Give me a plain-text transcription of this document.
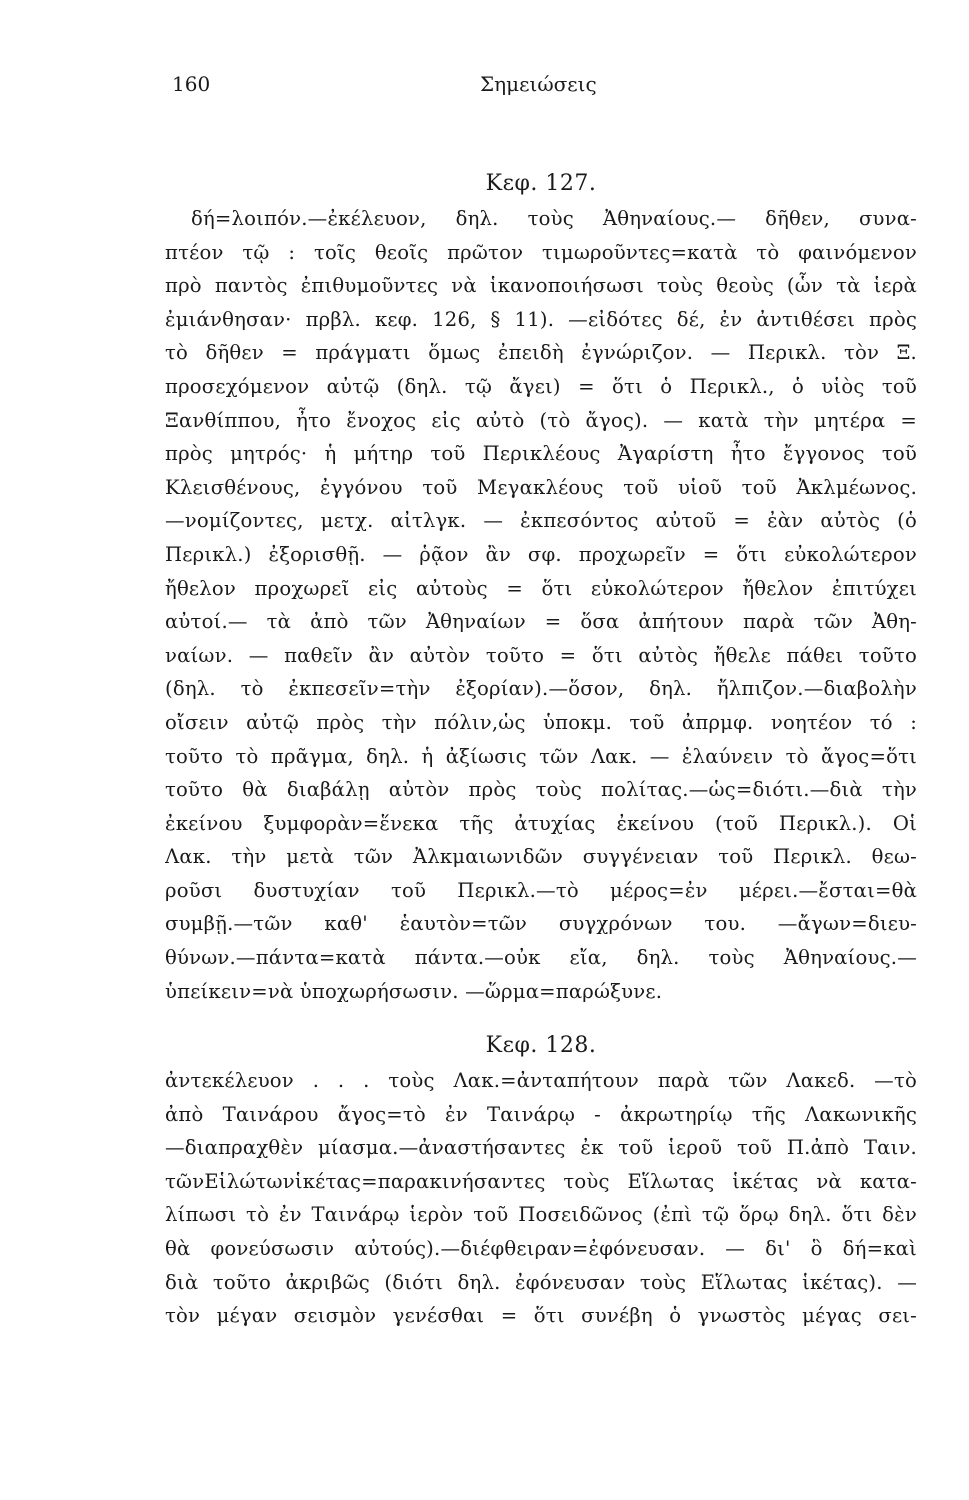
160	Σημειώσεις
Κεφ. 127.
δή=λοιπόν.—ἐκέλευον, δηλ. τοὺς Ἀθηναίους.— δῆθεν, συνα-
πτέον τῷ : τοῖς θεοῖς πρῶτον τιμωροῦντες=κατὰ τὸ φαινόμενον
πρὸ παντὸς ἐπιθυμοῦντες νὰ ἱκανοποιήσωσι τοὺς θεοὺς (ὧν τὰ ἱερὰ
ἐμιάνθησαν· πρβλ. κεφ. 126, § 11). —εἰδότες δέ, ἐν ἀντιθέσει πρὸς
τὸ δῆθεν = πράγματι ὅμως ἐπειδὴ ἐγνώριζον. — Περικλ. τὸν Ξ.
προσεχόμενον αὐτῷ (δηλ. τῷ ἄγει) = ὅτι ὁ Περικλ., ὁ υἱὸς τοῦ
Ξανθίππου, ἦτο ἔνοχος εἰς αὐτὸ (τὸ ἄγος). — κατὰ τὴν μητέρα =
πρὸς μητρός· ἡ μήτηρ τοῦ Περικλέους Ἀγαρίστη ἦτο ἔγγονος τοῦ
Κλεισθένους, ἐγγόνου τοῦ Μεγακλέους τοῦ υἱοῦ τοῦ Ἀκλμέωνος.
—νομίζοντες, μετχ. αἰτλγκ. — ἐκπεσόντος αὐτοῦ = ἐὰν αὐτὸς (ὁ
Περικλ.) ἐξορισθῇ. — ῥᾷον ἂν σφ. προχωρεῖν = ὅτι εὐκολώτερον
ἤθελον προχωρεῖ εἰς αὐτοὺς = ὅτι εὐκολώτερον ἤθελον ἐπιτύχει
αὐτοί.— τὰ ἀπὸ τῶν Ἀθηναίων = ὅσα ἀπήτουν παρὰ τῶν Ἀθη-
ναίων. — παθεῖν ἂν αὐτὸν τοῦτο = ὅτι αὐτὸς ἤθελε πάθει τοῦτο
(δηλ. τὸ ἐκπεσεῖν=τὴν ἐξορίαν).—ὅσον, δηλ. ἤλπιζον.—διαβολὴν
οἴσειν αὐτῷ πρὸς τὴν πόλιν,ὡς ὑποκμ. τοῦ ἀπρμφ. νοητέον τό :
τοῦτο τὸ πρᾶγμα, δηλ. ἡ ἀξίωσις τῶν Λακ. — ἐλαύνειν τὸ ἄγος=ὅτι
τοῦτο θὰ διαβάλῃ αὐτὸν πρὸς τοὺς πολίτας.—ὡς=διότι.—διὰ τὴν
ἐκείνου ξυμφορὰν=ἕνεκα τῆς ἀτυχίας ἐκείνου (τοῦ Περικλ.). Οἱ
Λακ. τὴν μετὰ τῶν Ἀλκμαιωνιδῶν συγγένειαν τοῦ Περικλ. θεω-
ροῦσι δυστυχίαν τοῦ Περικλ.—τὸ μέρος=ἐν μέρει.—ἔσται=θὰ
συμβῇ.—τῶν καθ' ἑαυτὸν=τῶν συγχρόνων του. —ἄγων=διευ-
θύνων.—πάντα=κατὰ πάντα.—οὐκ εἴα, δηλ. τοὺς Ἀθηναίους.—
ὑπείκειν=νὰ ὑποχωρήσωσιν. —ὥρμα=παρώξυνε.
Κεφ. 128.
ἀντεκέλευον . . . τοὺς Λακ.=ἀνταπήτουν παρὰ τῶν Λακεδ. —τὸ
ἀπὸ Ταινάρου ἄγος=τὸ ἐν Ταινάρῳ - ἀκρωτηρίῳ τῆς Λακωνικῆς
—διαπραχθὲν μίασμα.—ἀναστήσαντες ἐκ τοῦ ἱεροῦ τοῦ Π.ἀπὸ Ταιν.
τῶνΕἱλώτωνἱκέτας=παρακινήσαντες τοὺς Εἵλωτας ἱκέτας νὰ κατα-
λίπωσι τὸ ἐν Ταινάρῳ ἱερὸν τοῦ Ποσειδῶνος (ἐπὶ τῷ ὅρῳ δηλ. ὅτι δὲν
θὰ φονεύσωσιν αὐτούς).—διέφθειραν=ἐφόνευσαν. — δι' ὃ δή=καὶ
διὰ τοῦτο ἀκριβῶς (διότι δηλ. ἐφόνευσαν τοὺς Εἵλωτας ἱκέτας). —
τὸν μέγαν σεισμὸν γενέσθαι = ὅτι συνέβη ὁ γνωστὸς μέγας σει-
